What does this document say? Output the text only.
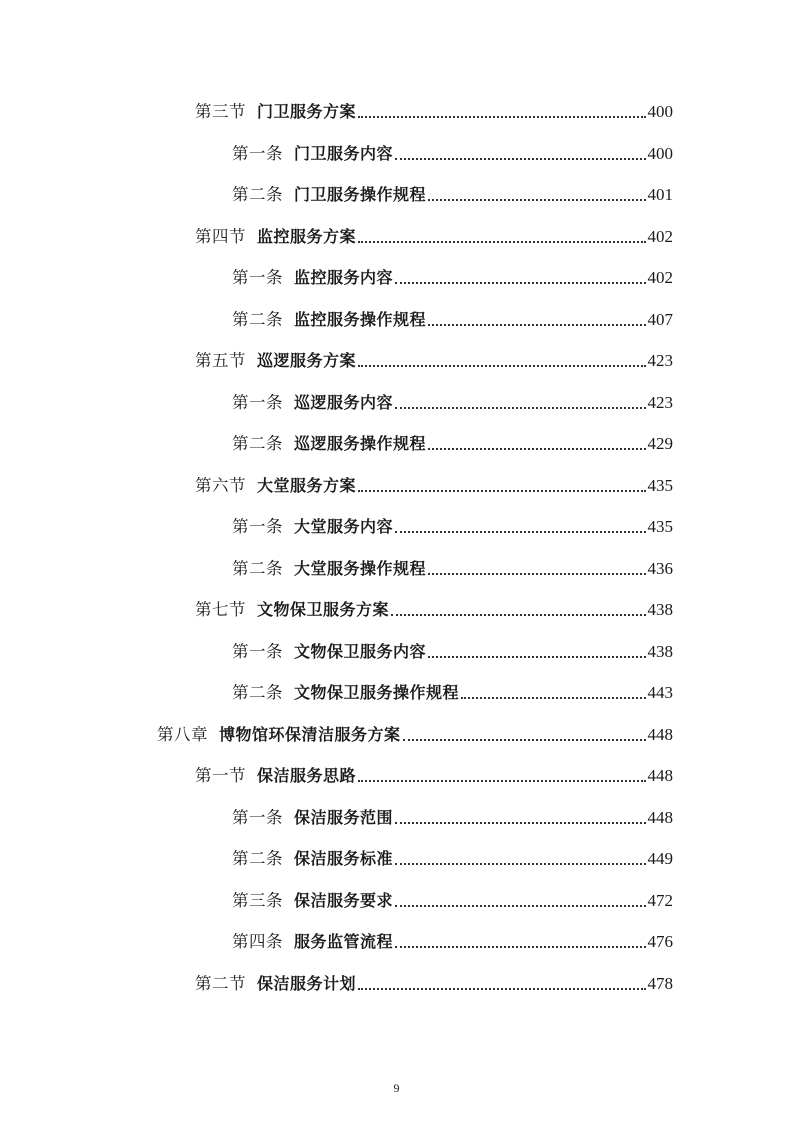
第三节 门卫服务方案	400
第一条 门卫服务内容	400
第二条 门卫服务操作规程	401
第四节 监控服务方案	402
第一条 监控服务内容	402
第二条 监控服务操作规程	407
第五节 巡逻服务方案	423
第一条 巡逻服务内容	423
第二条 巡逻服务操作规程	429
第六节 大堂服务方案	435
第一条 大堂服务内容	435
第二条 大堂服务操作规程	436
第七节 文物保卫服务方案	438
第一条 文物保卫服务内容	438
第二条 文物保卫服务操作规程	443
第八章 博物馆环保清洁服务方案	448
第一节 保洁服务思路	448
第一条 保洁服务范围	448
第二条 保洁服务标准	449
第三条 保洁服务要求	472
第四条 服务监管流程	476
第二节 保洁服务计划	478
9
